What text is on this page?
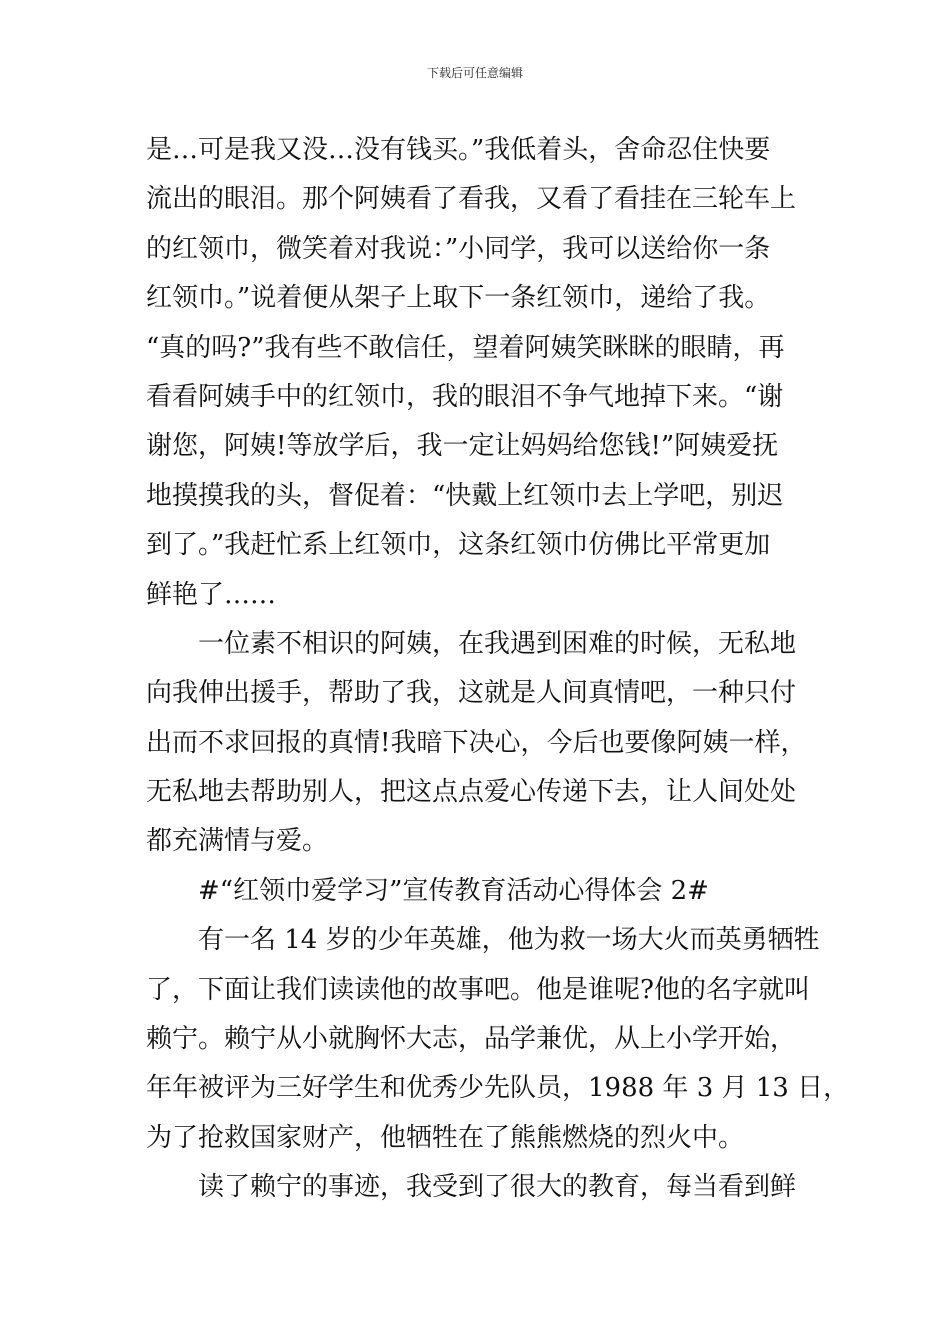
下载后可任意编辑
是…可是我又没…没有钱买。”我低着头，舍命忍住快要
流出的眼泪。那个阿姨看了看我，又看了看挂在三轮车上
的红领巾，微笑着对我说：”小同学，我可以送给你一条
红领巾。”说着便从架子上取下一条红领巾，递给了我。
“真的吗?”我有些不敢信任，望着阿姨笑眯眯的眼睛，再
看看阿姨手中的红领巾，我的眼泪不争气地掉下来。“谢
谢您，阿姨!等放学后，我一定让妈妈给您钱!”阿姨爱抚
地摸摸我的头，督促着：“快戴上红领巾去上学吧，别迟
到了。”我赶忙系上红领巾，这条红领巾仿佛比平常更加
鲜艳了……
一位素不相识的阿姨，在我遇到困难的时候，无私地
向我伸出援手，帮助了我，这就是人间真情吧，一种只付
出而不求回报的真情!我暗下决心，今后也要像阿姨一样，
无私地去帮助别人，把这点点爱心传递下去，让人间处处
都充满情与爱。
#“红领巾爱学习”宣传教育活动心得体会 2#
有一名 14 岁的少年英雄，他为救一场大火而英勇牺牲
了，下面让我们读读他的故事吧。他是谁呢?他的名字就叫
赖宁。赖宁从小就胸怀大志，品学兼优，从上小学开始，
年年被评为三好学生和优秀少先队员，1988 年 3 月 13 日，
为了抢救国家财产，他牺牲在了熊熊燃烧的烈火中。
读了赖宁的事迹，我受到了很大的教育，每当看到鲜
